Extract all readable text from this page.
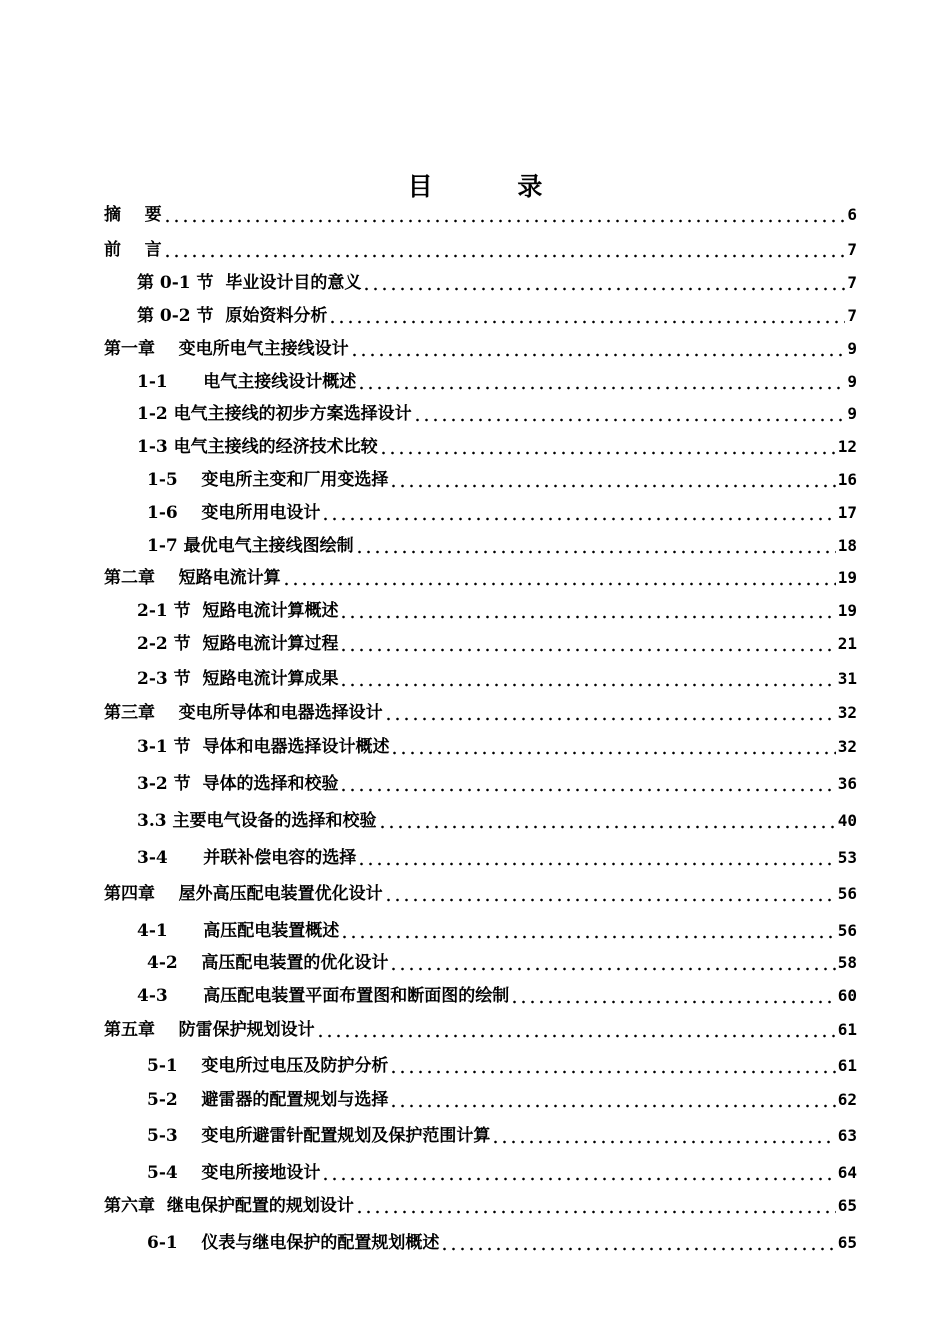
目 录
摘    要	6
前    言	7
第 0-1 节  毕业设计目的意义	7
第 0-2 节  原始资料分析	7
第一章    变电所电气主接线设计	9
1-1      电气主接线设计概述	9
1-2 电气主接线的初步方案选择设计	9
1-3 电气主接线的经济技术比较	12
1-5    变电所主变和厂用变选择	16
1-6    变电所用电设计	17
1-7 最优电气主接线图绘制	18
第二章    短路电流计算	19
2-1 节  短路电流计算概述	19
2-2 节  短路电流计算过程	21
2-3 节  短路电流计算成果	31
第三章    变电所导体和电器选择设计	32
3-1 节  导体和电器选择设计概述	32
3-2 节  导体的选择和校验	36
3.3 主要电气设备的选择和校验	40
3-4      并联补偿电容的选择	53
第四章    屋外高压配电装置优化设计	56
4-1      高压配电装置概述	56
4-2    高压配电装置的优化设计	58
4-3      高压配电装置平面布置图和断面图的绘制	60
第五章    防雷保护规划设计	61
5-1    变电所过电压及防护分析	61
5-2    避雷器的配置规划与选择	62
5-3    变电所避雷针配置规划及保护范围计算	63
5-4    变电所接地设计	64
第六章  继电保护配置的规划设计	65
6-1    仪表与继电保护的配置规划概述	65
